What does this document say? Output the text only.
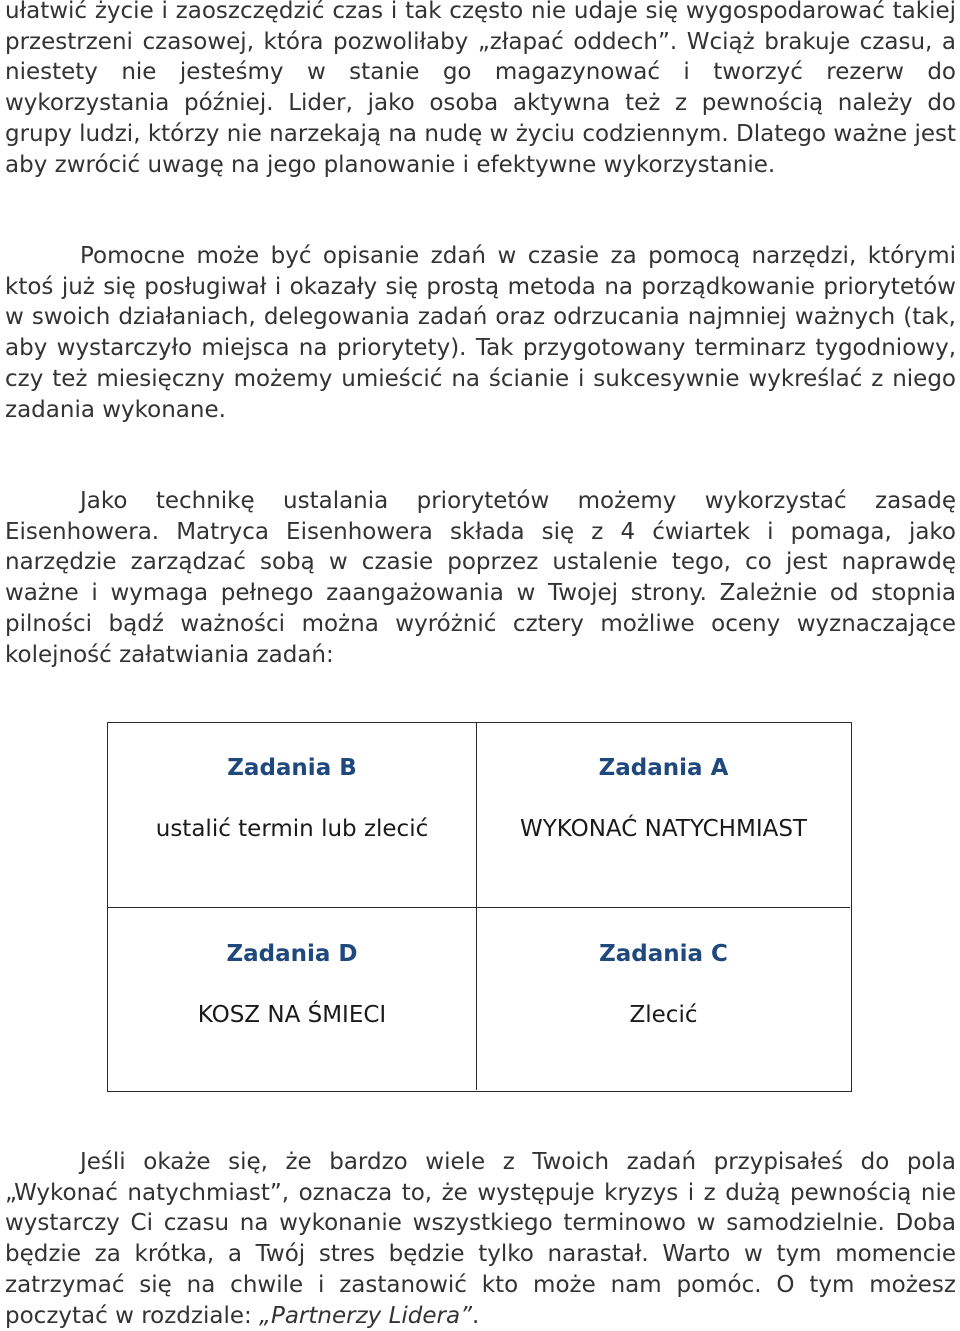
ułatwić życie i zaoszczędzić czas i tak często nie udaje się wygospodarować takiej przestrzeni czasowej, która pozwoliłaby „złapać oddech”. Wciąż brakuje czasu, a niestety nie jesteśmy w stanie go magazynować i tworzyć rezerw do wykorzystania później. Lider, jako osoba aktywna też z pewnością należy do grupy ludzi, którzy nie narzekają na nudę w życiu codziennym. Dlatego ważne jest aby zwrócić uwagę na jego planowanie i efektywne wykorzystanie.

Pomocne może być opisanie zdań w czasie za pomocą narzędzi, którymi ktoś już się posługiwał i okazały się prostą metoda na porządkowanie priorytetów w swoich działaniach, delegowania zadań oraz odrzucania najmniej ważnych (tak, aby wystarczyło miejsca na priorytety). Tak przygotowany terminarz tygodniowy, czy też miesięczny możemy umieścić na ścianie i sukcesywnie wykreślać z niego zadania wykonane.

Jako technikę ustalania priorytetów możemy wykorzystać zasadę Eisenhowera. Matryca Eisenhowera składa się z 4 ćwiartek i pomaga, jako narzędzie zarządzać sobą w czasie poprzez ustalenie tego, co jest naprawdę ważne i wymaga pełnego zaangażowania w Twojej strony. Zależnie od stopnia pilności bądź ważności można wyróżnić cztery możliwe oceny wyznaczające kolejność załatwiania zadań:

Zadania B
ustalić termin lub zlecić
Zadania A
WYKONAĆ NATYCHMIAST
Zadania D
KOSZ NA ŚMIECI
Zadania C
Zlecić

Jeśli okaże się, że bardzo wiele z Twoich zadań przypisałeś do pola „Wykonać natychmiast”, oznacza to, że występuje kryzys i z dużą pewnością nie wystarczy Ci czasu na wykonanie wszystkiego terminowo w samodzielnie. Doba będzie za krótka, a Twój stres będzie tylko narastał. Warto w tym momencie zatrzymać się na chwile i zastanowić kto może nam pomóc. O tym możesz poczytać w rozdziale: „Partnerzy Lidera”.
